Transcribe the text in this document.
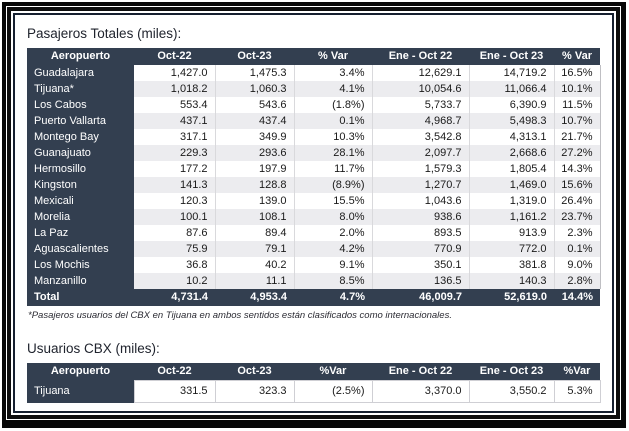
Pasajeros Totales (miles):
Aeropuerto	Oct-22	Oct-23	% Var	Ene - Oct 22	Ene - Oct 23	% Var
Guadalajara	1,427.0	1,475.3	3.4%	12,629.1	14,719.2	16.5%
Tijuana*	1,018.2	1,060.3	4.1%	10,054.6	11,066.4	10.1%
Los Cabos	553.4	543.6	(1.8%)	5,733.7	6,390.9	11.5%
Puerto Vallarta	437.1	437.4	0.1%	4,968.7	5,498.3	10.7%
Montego Bay	317.1	349.9	10.3%	3,542.8	4,313.1	21.7%
Guanajuato	229.3	293.6	28.1%	2,097.7	2,668.6	27.2%
Hermosillo	177.2	197.9	11.7%	1,579.3	1,805.4	14.3%
Kingston	141.3	128.8	(8.9%)	1,270.7	1,469.0	15.6%
Mexicali	120.3	139.0	15.5%	1,043.6	1,319.0	26.4%
Morelia	100.1	108.1	8.0%	938.6	1,161.2	23.7%
La Paz	87.6	89.4	2.0%	893.5	913.9	2.3%
Aguascalientes	75.9	79.1	4.2%	770.9	772.0	0.1%
Los Mochis	36.8	40.2	9.1%	350.1	381.8	9.0%
Manzanillo	10.2	11.1	8.5%	136.5	140.3	2.8%
Total	4,731.4	4,953.4	4.7%	46,009.7	52,619.0	14.4%
*Pasajeros usuarios del CBX en Tijuana en ambos sentidos están clasificados como internacionales.
Usuarios CBX (miles):
Aeropuerto	Oct-22	Oct-23	%Var	Ene - Oct 22	Ene - Oct 23	%Var
Tijuana	331.5	323.3	(2.5%)	3,370.0	3,550.2	5.3%
